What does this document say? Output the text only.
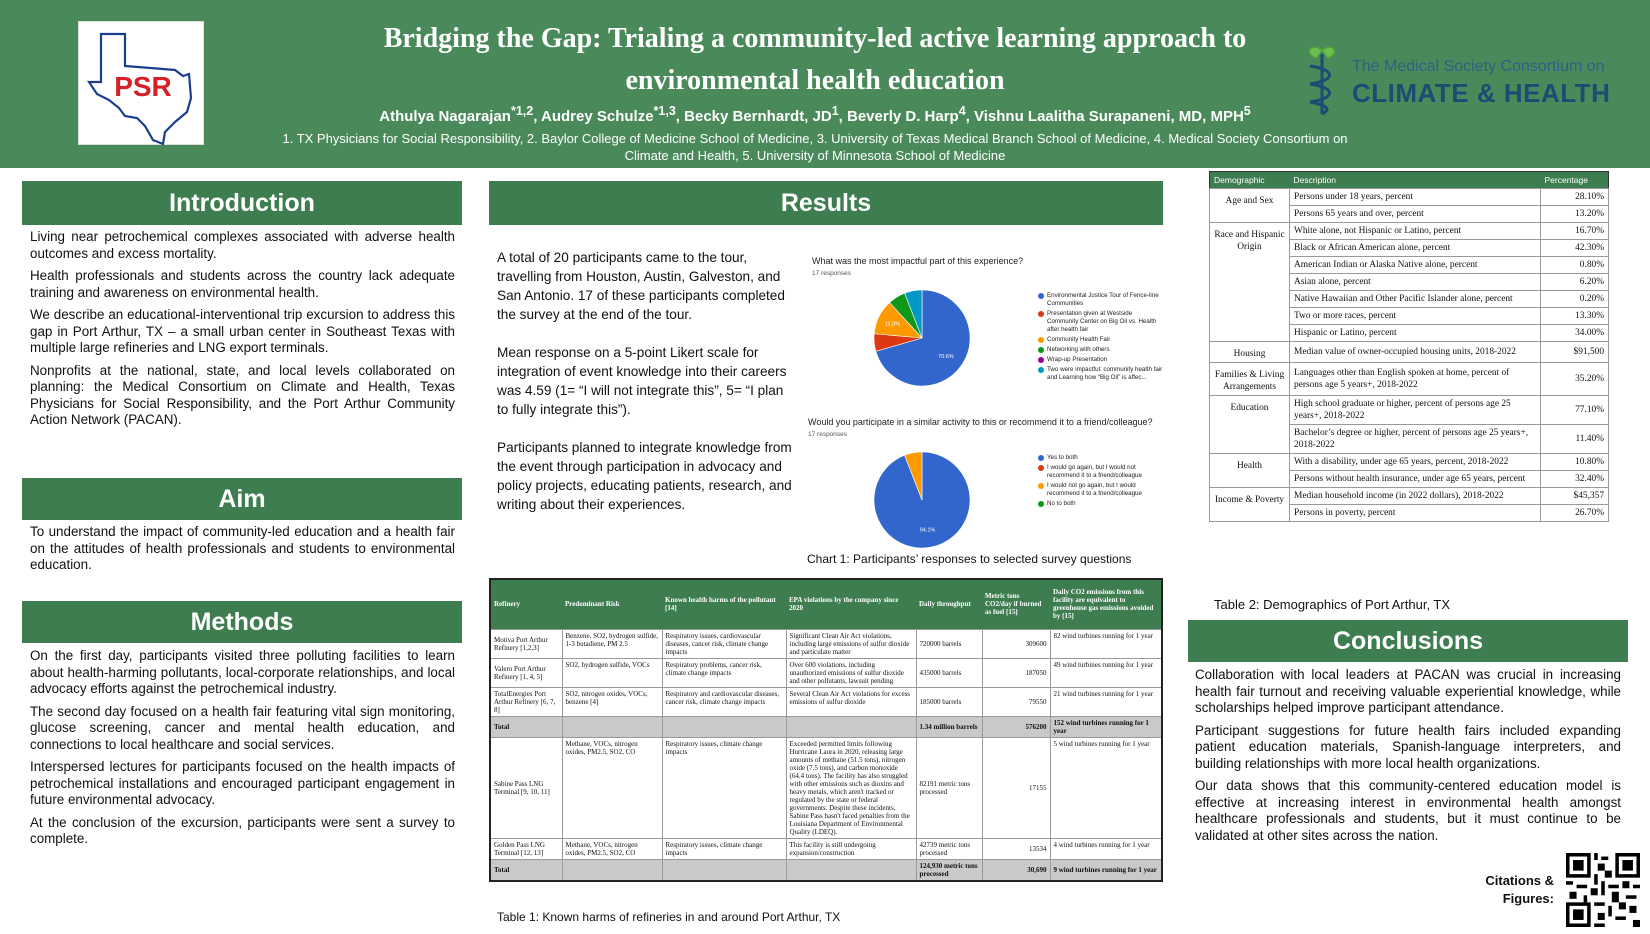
PSR
Bridging the Gap: Trialing a community-led active learning approach to
environmental health education
Athulya Nagarajan$^{*1,2}$, Audrey Schulze$^{*1,3}$, Becky Bernhardt, $JD^1$, Beverly D. Harp$^4$, Vishnu Laalitha Surapaneni, MD, MPH$^5$
1. TX Physicians for Social Responsibility, 2. Baylor College of Medicine School of Medicine, 3. University of Texas Medical Branch School of Medicine, 4. Medical Society Consortium on
Climate and Health, 5. University of Minnesota School of Medicine
The Medical Society Consortium on
CLIMATE & HEALTH
Introduction

Living near petrochemical complexes associated with adverse health outcomes and excess mortality.

Health professionals and students across the country lack adequate training and awareness on environmental health.

We describe an educational-interventional trip excursion to address this gap in Port Arthur, TX – a small urban center in Southeast Texas with multiple large refineries and LNG export terminals.

Nonprofits at the national, state, and local levels collaborated on planning: the Medical Consortium on Climate and Health, Texas Physicians for Social Responsibility, and the Port Arthur Community Action Network (PACAN).

Aim

To understand the impact of community-led education and a health fair on the attitudes of health professionals and students to environmental education.

Methods

On the first day, participants visited three polluting facilities to learn about health-harming pollutants, local-corporate relationships, and local advocacy efforts against the petrochemical industry.

The second day focused on a health fair featuring vital sign monitoring, glucose screening, cancer and mental health education, and connections to local healthcare and social services.

Interspersed lectures for participants focused on the health impacts of petrochemical installations and encouraged participant engagement in future environmental advocacy.

At the conclusion of the excursion, participants were sent a survey to complete.

Results

A total of 20 participants came to the tour, travelling from Houston, Austin, Galveston, and San Antonio. 17 of these participants completed the survey at the end of the tour.

Mean response on a 5-point Likert scale for integration of event knowledge into their careers was 4.59 (1= “I will not integrate this”, 5= “I plan to fully integrate this”).

Participants planned to integrate knowledge from the event through participation in advocacy and policy projects, educating patients, research, and writing about their experiences.

What was the most impactful part of this experience?
17 responses
70.6%
11.8%
Environmental Justice Tour of Fence-line Communities
Presentation given at Westside Community Center on Big Oil vs. Health after health fair
Community Health Fair
Networking with others
Wrap-up Presentation
Two were impactful: community health fair and Learning how “Big Oil” is affec...
Would you participate in a similar activity to this or recommend it to a friend/colleague?
17 responses
94.1%
Yes to both
I would go again, but I would not recommend it to a friend/colleague
I would not go again, but I would recommend it to a friend/colleague
No to both
Chart 1: Participants’ responses to selected survey questions
Refinery	Predominant Risk	Known health harms of the pollutant [14]	EPA violations by the company since 2020	Daily throughput	Metric tons CO2/day if burned as fuel [15]	Daily CO2 emissions from this facility are equivalent to greenhouse gas emissions avoided by [15]
Motiva Port Arthur Refinery [1,2,3]	Benzene, SO2, hydrogen sulfide, 1-3 butadiene, PM 2.5	Respiratory issues, cardiovascular diseases, cancer risk, climate change impacts	Significant Clean Air Act violations, including large emissions of sulfur dioxide and particulate matter	720000 barrels	309600	82 wind turbines running for 1 year
Valero Port Arthur Refinery [1, 4, 5]	SO2, hydrogen sulfide, VOCs	Respiratory problems, cancer risk, climate change impacts	Over 600 violations, including unauthorized emissions of sulfur dioxide and other pollutants, lawsuit pending	435000 barrels	187050	49 wind turbines running for 1 year
TotalEnergies Port Arthur Refinery [6, 7, 8]	SO2, nitrogen oxides, VOCs, benzene [4]	Respiratory and cardiovascular diseases, cancer risk, climate change impacts	Several Clean Air Act violations for excess emissions of sulfur dioxide	185000 barrels	79550	21 wind turbines running for 1 year
Total				1.34 million barrels	576200	152 wind turbines running for 1 year
Sabine Pass LNG Terminal [9, 10, 11]	Methane, VOCs, nitrogen oxides, PM2.5, SO2, CO	Respiratory issues, climate change impacts	Exceeded permitted limits following Hurricane Laura in 2020, releasing large amounts of methane (51.5 tons), nitrogen oxide (7.5 tons), and carbon monoxide (64.4 tons). The facility has also struggled with other emissions such as dioxins and heavy metals, which aren't tracked or regulated by the state or federal governments. Despite these incidents, Sabine Pass hasn't faced penalties from the Louisiana Department of Environmental Quality (LDEQ).	82191 metric tons processed	17155	5 wind turbines running for 1 year
Golden Pass LNG Terminal [12, 13]	Methane, VOCs, nitrogen oxides, PM2.5, SO2, CO	Respiratory issues, climate change impacts	This facility is still undergoing expansion/construction	42739 metric tons processed	13534	4 wind turbines running for 1 year
Total				124,930 metric tons processed	30,690	9 wind turbines running for 1 year
Table 1: Known harms of refineries in and around Port Arthur, TX
Demographic	Description	Percentage
Age and Sex	Persons under 18 years, percent	28.10%
	Persons 65 years and over, percent	13.20%
Race and Hispanic Origin	White alone, not Hispanic or Latino, percent	16.70%
	Black or African American alone, percent	42.30%
	American Indian or Alaska Native alone, percent	0.80%
	Asian alone, percent	6.20%
	Native Hawaiian and Other Pacific Islander alone, percent	0.20%
	Two or more races, percent	13.30%
	Hispanic or Latino, percent	34.00%
Housing	Median value of owner-occupied housing units, 2018-2022	$91,500
Families & Living Arrangements	Languages other than English spoken at home, percent of persons age 5 years+, 2018-2022	35.20%
Education	High school graduate or higher, percent of persons age 25 years+, 2018-2022	77.10%
	Bachelor’s degree or higher, percent of persons age 25 years+, 2018-2022	11.40%
Health	With a disability, under age 65 years, percent, 2018-2022	10.80%
	Persons without health insurance, under age 65 years, percent	32.40%
Income & Poverty	Median household income (in 2022 dollars), 2018-2022	$45,357
	Persons in poverty, percent	26.70%
Table 2: Demographics of Port Arthur, TX
Conclusions

Collaboration with local leaders at PACAN was crucial in increasing health fair turnout and receiving valuable experiential knowledge, while scholarships helped improve participant attendance.

Participant suggestions for future health fairs included expanding patient education materials, Spanish-language interpreters, and building relationships with more local health organizations.

Our data shows that this community-centered education model is effective at increasing interest in environmental health amongst healthcare professionals and students, but it must continue to be validated at other sites across the nation.

Citations &
Figures:
